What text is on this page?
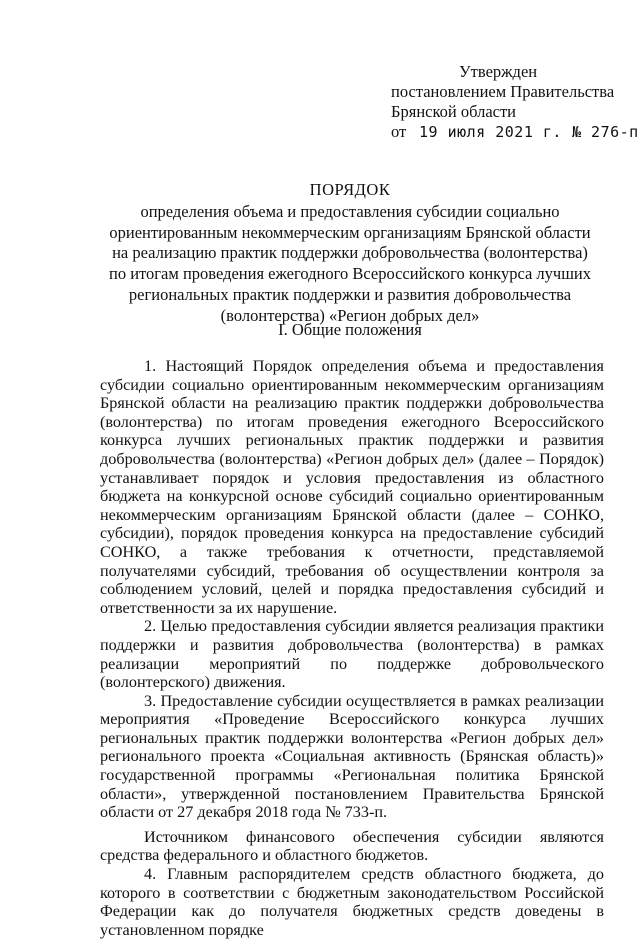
Утвержден
постановлением Правительства
Брянской области
от 19 июля 2021 г. № 276-п
ПОРЯДОК
определения объема и предоставления субсидии социально
ориентированным некоммерческим организациям Брянской области
на реализацию практик поддержки добровольчества (волонтерства)
по итогам проведения ежегодного Всероссийского конкурса лучших
региональных практик поддержки и развития добровольчества
(волонтерства) «Регион добрых дел»
I. Общие положения

1. Настоящий Порядок определения объема и предоставления субсидии социально ориентированным некоммерческим организациям Брянской области на реализацию практик поддержки добровольчества (волонтерства) по итогам проведения ежегодного Всероссийского конкурса лучших региональных практик поддержки и развития добровольчества (волонтерства) «Регион добрых дел» (далее – Порядок) устанавливает порядок и условия предоставления из областного бюджета на конкурсной основе субсидий социально ориентированным некоммерческим организациям Брянской области (далее – СОНКО, субсидии), порядок проведения конкурса на предоставление субсидий СОНКО, а также требования к отчетности, представляемой получателями субсидий, требования об осуществлении контроля за соблюдением условий, целей и порядка предоставления субсидий и ответственности за их нарушение.

2. Целью предоставления субсидии является реализация практики поддержки и развития добровольчества (волонтерства) в рамках реализации мероприятий по поддержке добровольческого (волонтерского) движения.

3. Предоставление субсидии осуществляется в рамках реализации мероприятия «Проведение Всероссийского конкурса лучших региональных практик поддержки волонтерства «Регион добрых дел» регионального проекта «Социальная активность (Брянская область)» государственной программы «Региональная политика Брянской области», утвержденной постановлением Правительства Брянской области от 27 декабря 2018 года № 733-п.

Источником финансового обеспечения субсидии являются средства федерального и областного бюджетов.

4. Главным распорядителем средств областного бюджета, до которого в соответствии с бюджетным законодательством Российской Федерации как до получателя бюджетных средств доведены в установленном порядке
